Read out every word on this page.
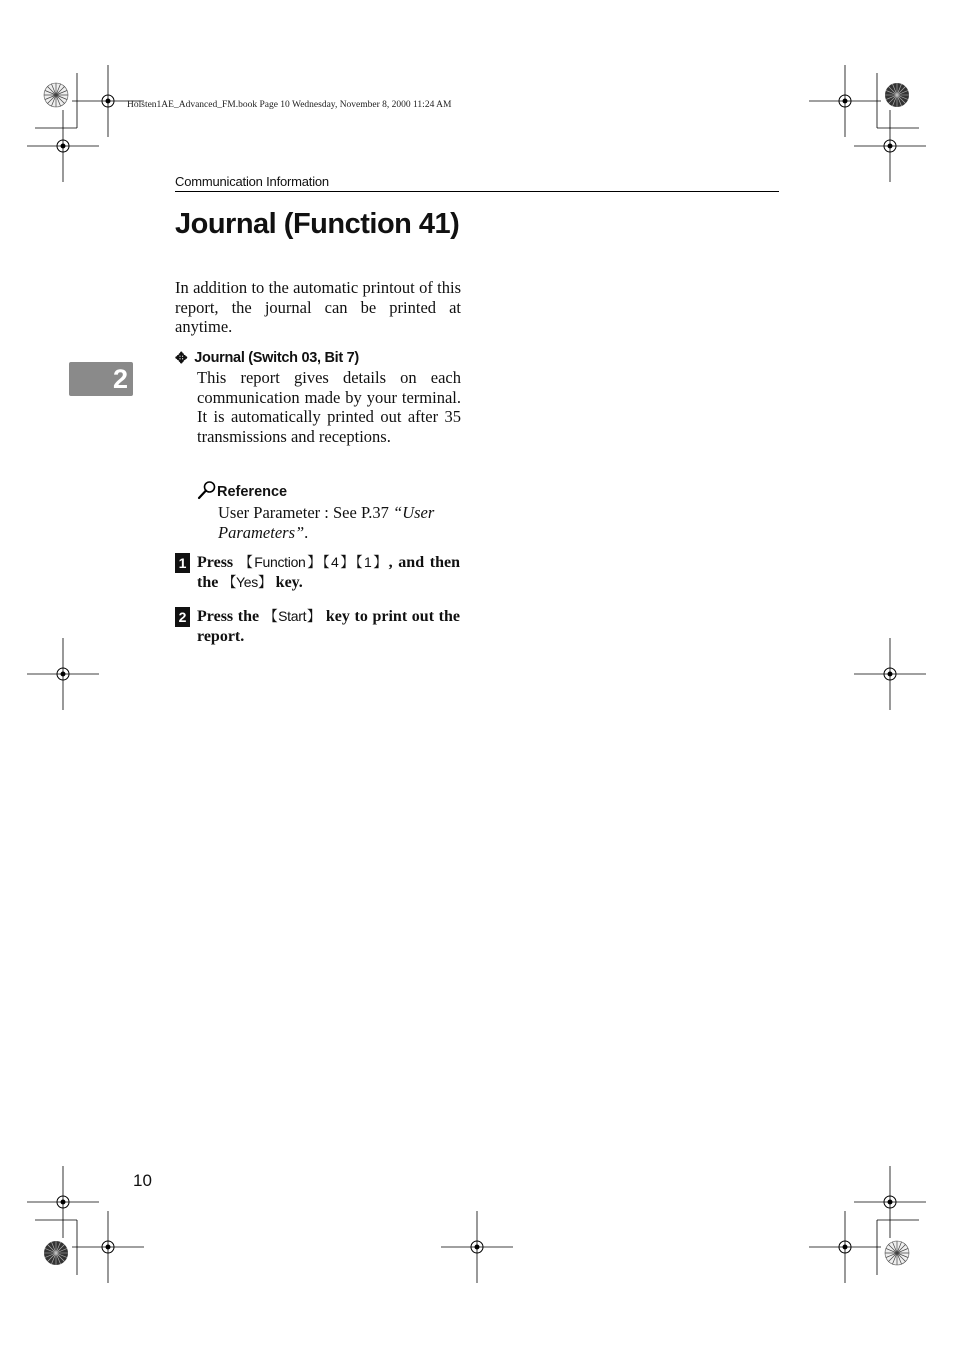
Holsten1AE_Advanced_FM.book Page 10 Wednesday, November 8, 2000 11:24 AM
Communication Information
Journal (Function 41)
2

In addition to the automatic printout of this report, the journal can be printed at anytime.

✥ Journal (Switch 03, Bit 7)

This report gives details on each communication made by your terminal. It is automatically printed out after 35 transmissions and receptions.

Reference

User Parameter : See P.37 “User Parameters”.

1 Press 【Function】【4】【1】, and then the 【Yes】 key.
2 Press the 【Start】 key to print out the report.
10
